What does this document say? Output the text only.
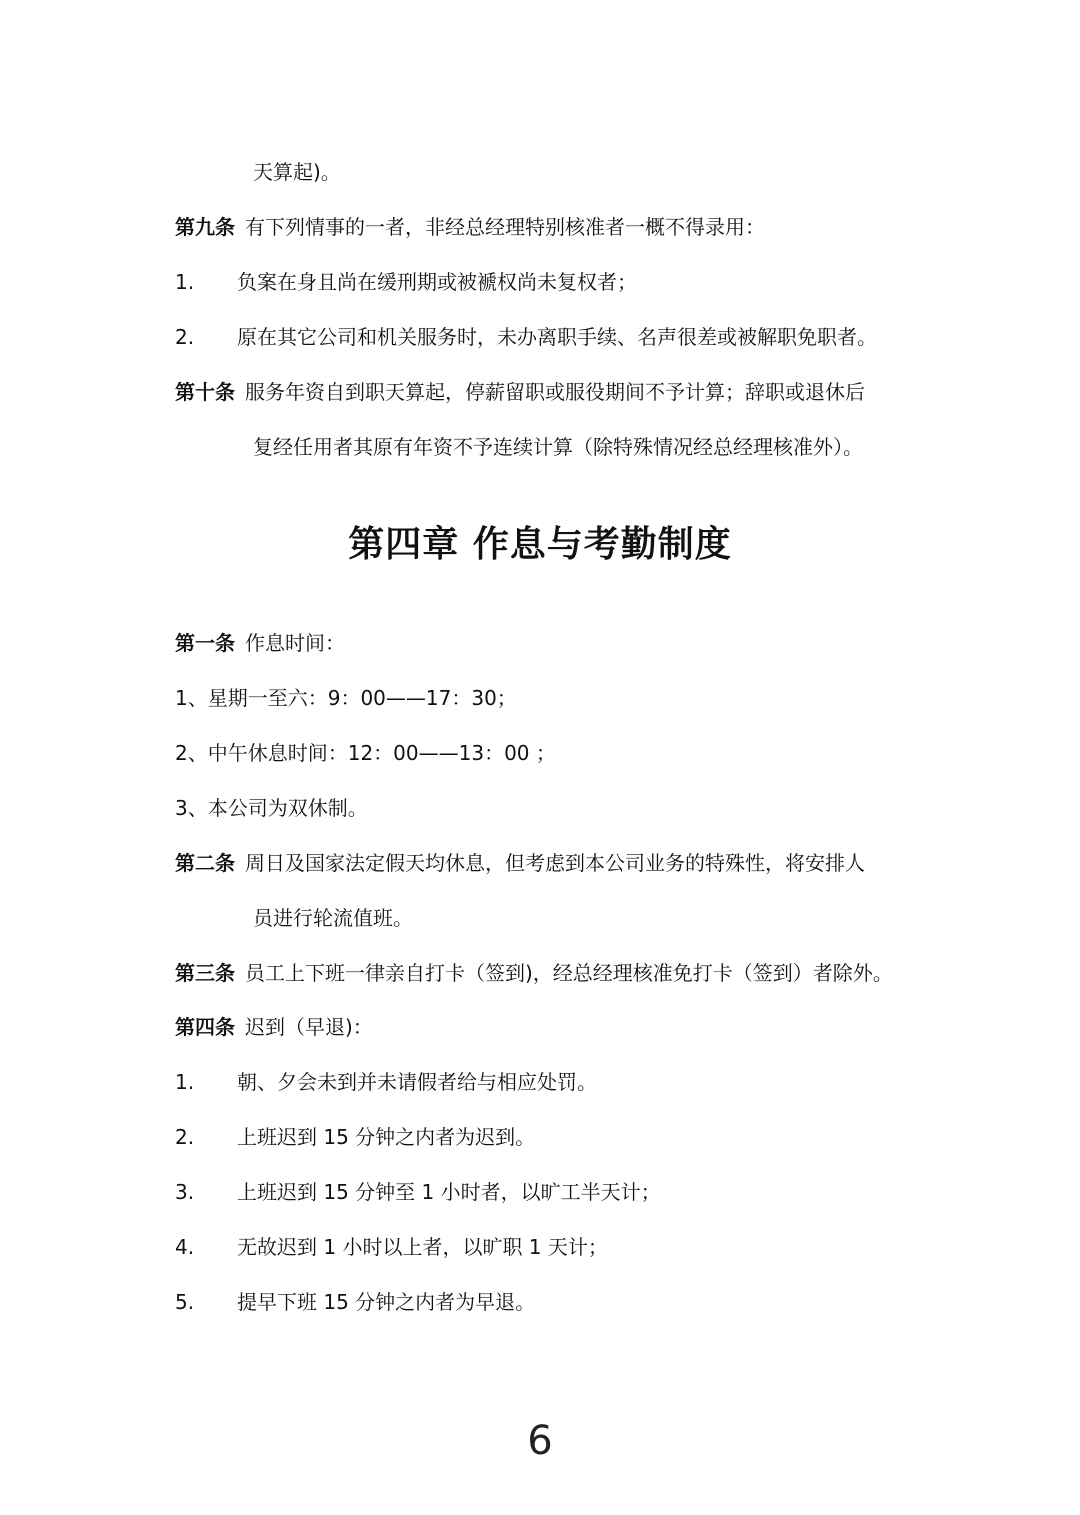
天算起)。
第九条 有下列情事的一者，非经总经理特别核准者一概不得录用：
1. 负案在身且尚在缓刑期或被褫权尚未复权者；
2. 原在其它公司和机关服务时，未办离职手续、名声很差或被解职免职者。
第十条 服务年资自到职天算起，停薪留职或服役期间不予计算；辞职或退休后
复经任用者其原有年资不予连续计算（除特殊情况经总经理核准外）。
第四章 作息与考勤制度
第一条 作息时间：
1、星期一至六：9：00——17：30；
2、中午休息时间：12：00——13：00 ；
3、本公司为双休制。
第二条 周日及国家法定假天均休息，但考虑到本公司业务的特殊性，将安排人
员进行轮流值班。
第三条 员工上下班一律亲自打卡（签到)，经总经理核准免打卡（签到）者除外。
第四条 迟到（早退)：
1. 朝、夕会未到并未请假者给与相应处罚。
2. 上班迟到 15 分钟之内者为迟到。
3. 上班迟到 15 分钟至 1 小时者，以旷工半天计；
4. 无故迟到 1 小时以上者，以旷职 1 天计；
5. 提早下班 15 分钟之内者为早退。
6
